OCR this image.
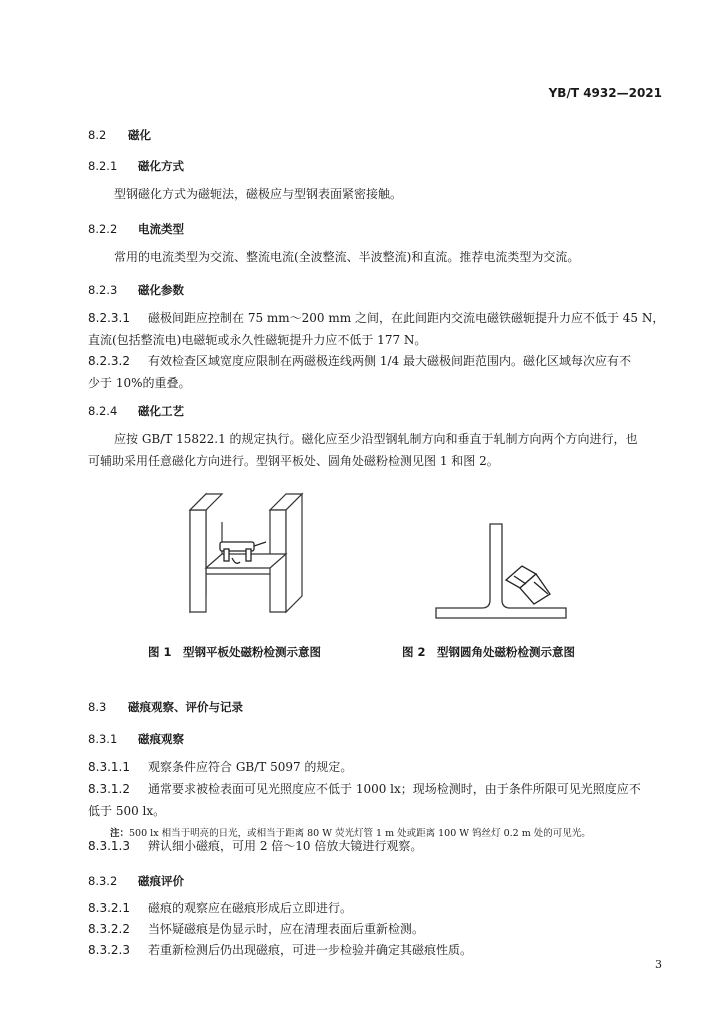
YB/T 4932—2021
8.2 磁化
8.2.1 磁化方式
型钢磁化方式为磁轭法，磁极应与型钢表面紧密接触。
8.2.2 电流类型
常用的电流类型为交流、整流电流(全波整流、半波整流)和直流。推荐电流类型为交流。
8.2.3 磁化参数
8.2.3.1 磁极间距应控制在 75 mm～200 mm 之间，在此间距内交流电磁铁磁轭提升力应不低于 45 N，
直流(包括整流电)电磁轭或永久性磁轭提升力应不低于 177 N。
8.2.3.2 有效检查区域宽度应限制在两磁极连线两侧 1/4 最大磁极间距范围内。磁化区域每次应有不
少于 10%的重叠。
8.2.4 磁化工艺
应按 GB/T 15822.1 的规定执行。磁化应至少沿型钢轧制方向和垂直于轧制方向两个方向进行，也
可辅助采用任意磁化方向进行。型钢平板处、圆角处磁粉检测见图 1 和图 2。
图 1　型钢平板处磁粉检测示意图	图 2　型钢圆角处磁粉检测示意图
8.3 磁痕观察、评价与记录
8.3.1 磁痕观察
8.3.1.1 观察条件应符合 GB/T 5097 的规定。
8.3.1.2 通常要求被检表面可见光照度应不低于 1000 lx；现场检测时，由于条件所限可见光照度应不
低于 500 lx。
注：500 lx 相当于明亮的日光，或相当于距离 80 W 荧光灯管 1 m 处或距离 100 W 钨丝灯 0.2 m 处的可见光。
8.3.1.3 辨认细小磁痕，可用 2 倍～10 倍放大镜进行观察。
8.3.2 磁痕评价
8.3.2.1 磁痕的观察应在磁痕形成后立即进行。
8.3.2.2 当怀疑磁痕是伪显示时，应在清理表面后重新检测。
8.3.2.3 若重新检测后仍出现磁痕，可进一步检验并确定其磁痕性质。
3
